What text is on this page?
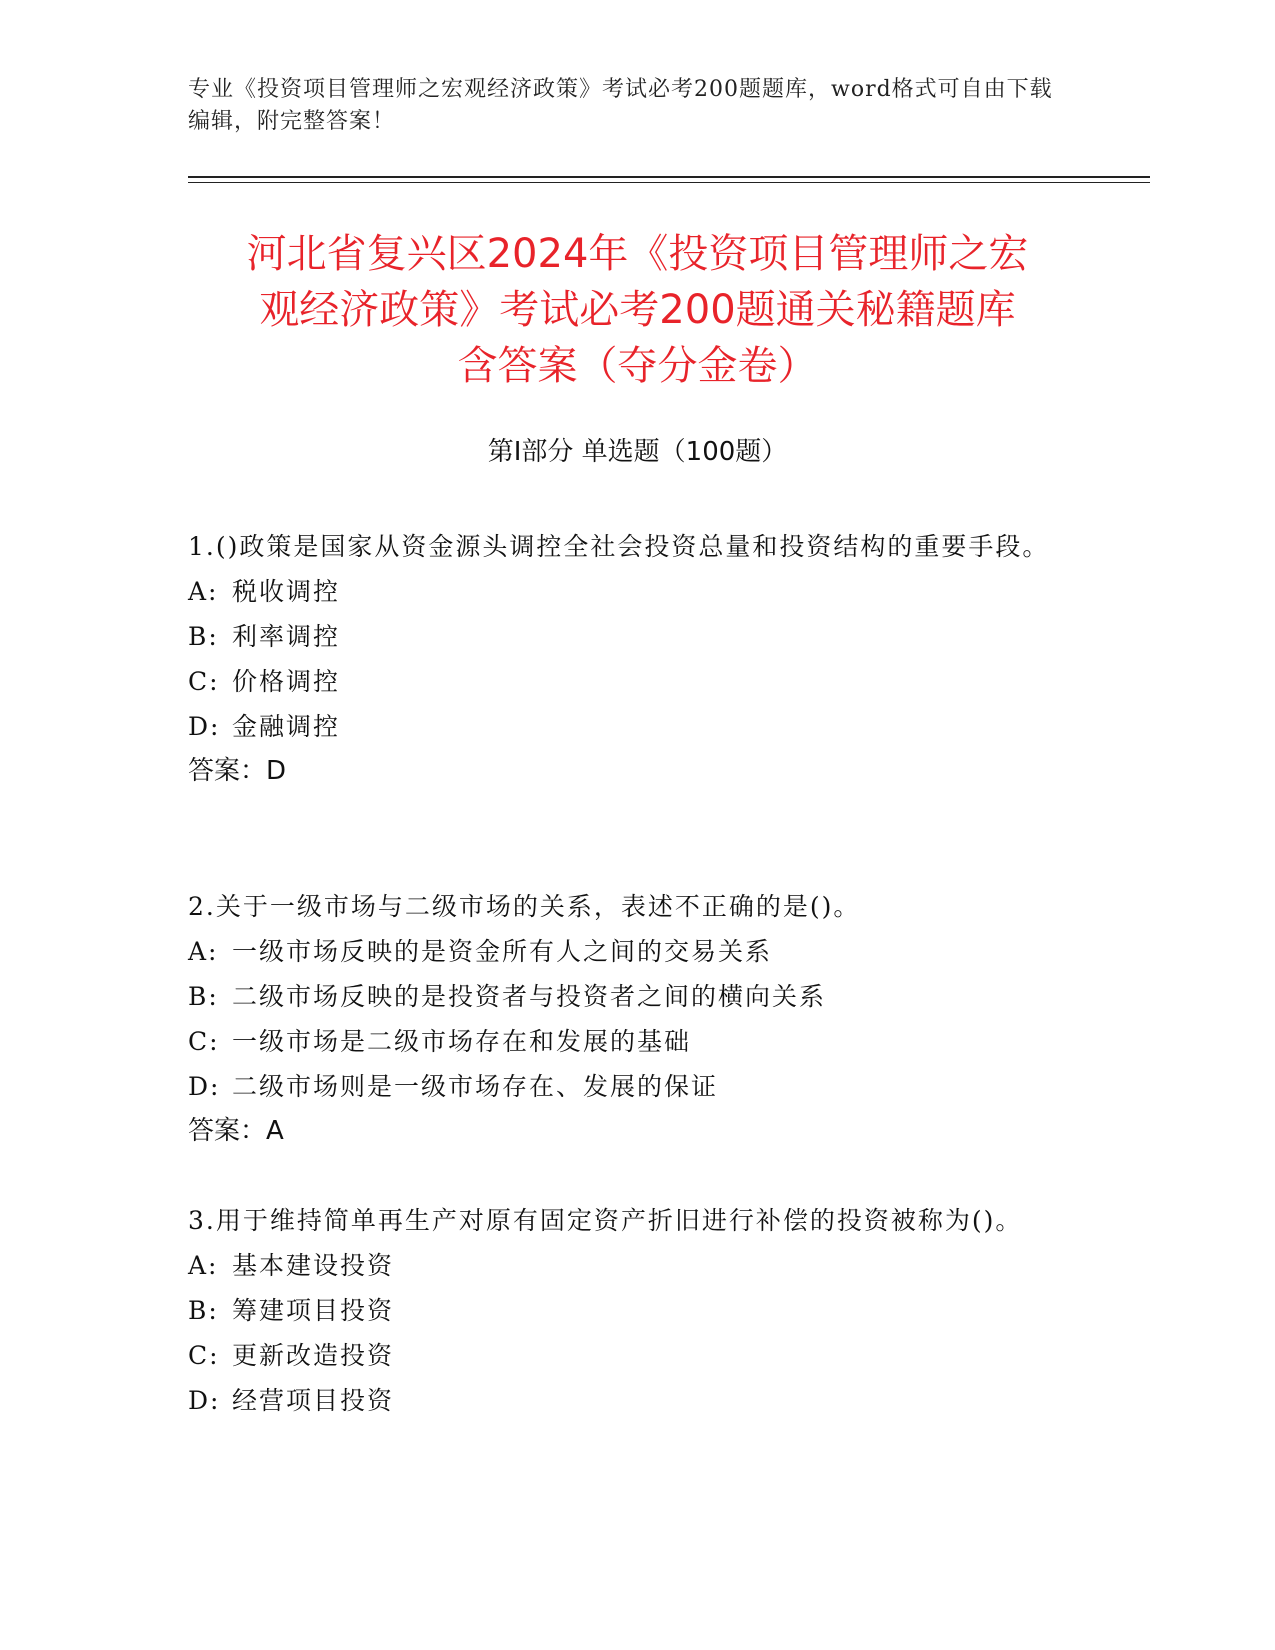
专业《投资项目管理师之宏观经济政策》考试必考200题题库，word格式可自由下载编辑，附完整答案！
河北省复兴区2024年《投资项目管理师之宏
观经济政策》考试必考200题通关秘籍题库
含答案（夺分金卷）
第Ⅰ部分 单选题（100题）

1.()政策是国家从资金源头调控全社会投资总量和投资结构的重要手段。

A: 税收调控

B: 利率调控

C: 价格调控

D: 金融调控

答案：D

2.关于一级市场与二级市场的关系，表述不正确的是()。

A: 一级市场反映的是资金所有人之间的交易关系

B: 二级市场反映的是投资者与投资者之间的横向关系

C: 一级市场是二级市场存在和发展的基础

D: 二级市场则是一级市场存在、发展的保证

答案：A

3.用于维持简单再生产对原有固定资产折旧进行补偿的投资被称为()。

A: 基本建设投资

B: 筹建项目投资

C: 更新改造投资

D: 经营项目投资
